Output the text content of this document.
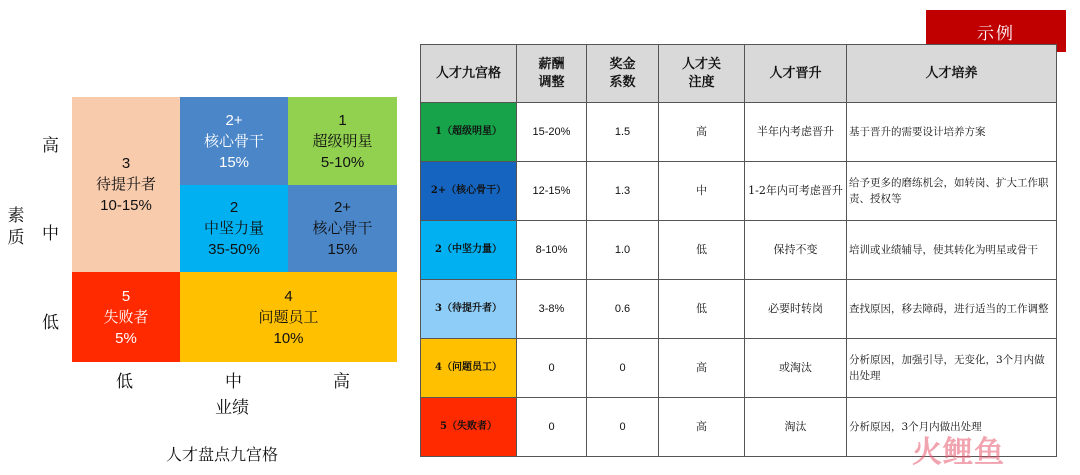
3
待提升者
10-15%
2+
核心骨干
15%
1
超级明星
5-10%
2
中坚力量
35-50%
2+
核心骨干
15%
5
失败者
5%
4
问题员工
10%
素质
高
中
低
低	中	高
业绩
人才盘点九宫格
示例
人才九宫格	薪酬调整	奖金系数	人才关注度	人才晋升	人才培养
1（超级明星）	15-20%	1.5	高	半年内考虑晋升	基于晋升的需要设计培养方案
2+（核心骨干）	12-15%	1.3	中	1-2年内可考虑晋升	给予更多的磨练机会，如转岗、扩大工作职责、授权等
2（中坚力量）	8-10%	1.0	低	保持不变	培训或业绩辅导，使其转化为明星或骨干
3（待提升者）	3-8%	0.6	低	必要时转岗	查找原因，移去障碍，进行适当的工作调整
4（问题员工）	0	0	高	或淘汰	分析原因，加强引导，无变化，3个月内做出处理
5（失败者）	0	0	高	淘汰	分析原因，3个月内做出处理
火鲤鱼
